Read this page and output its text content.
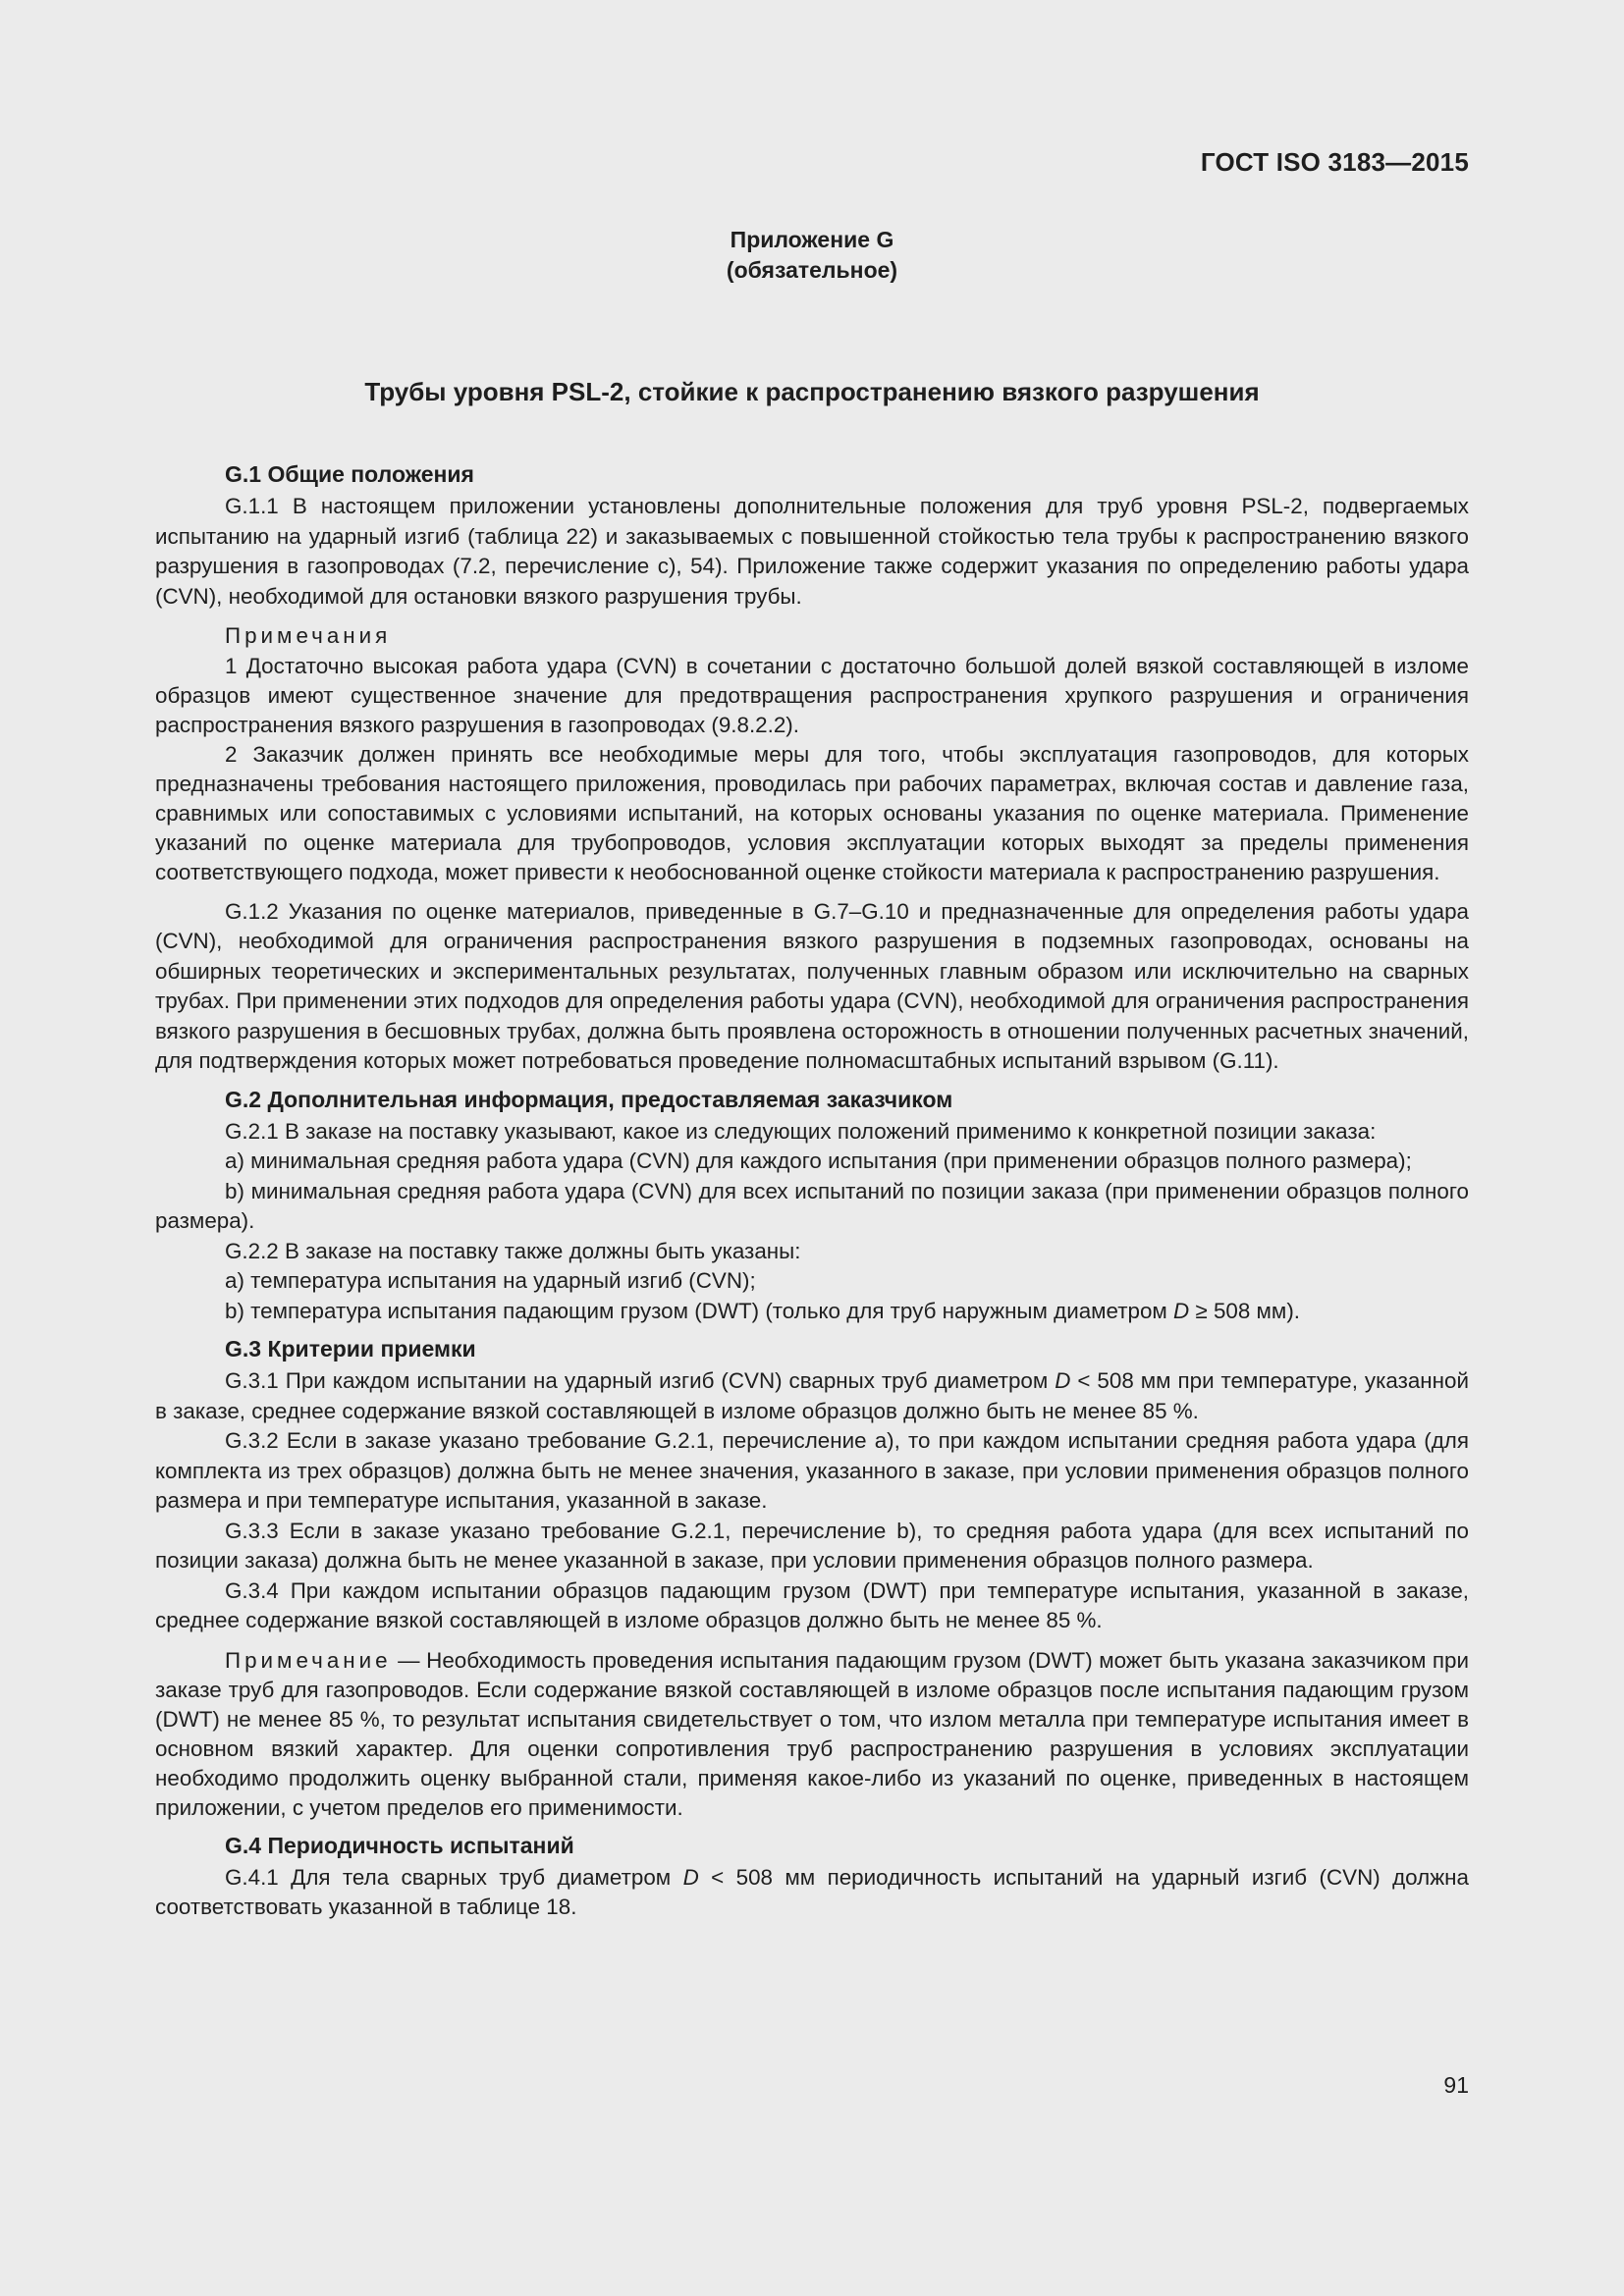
ГОСТ ISO 3183—2015
Приложение G
(обязательное)
Трубы уровня PSL-2, стойкие к распространению вязкого разрушения
G.1 Общие положения

G.1.1 В настоящем приложении установлены дополнительные положения для труб уровня PSL-2, подвергаемых испытанию на ударный изгиб (таблица 22) и заказываемых с повышенной стойкостью тела трубы к распространению вязкого разрушения в газопроводах (7.2, перечисление с), 54). Приложение также содержит указания по определению работы удара (CVN), необходимой для остановки вязкого разрушения трубы.

Примечания

1 Достаточно высокая работа удара (CVN) в сочетании с достаточно большой долей вязкой составляющей в изломе образцов имеют существенное значение для предотвращения распространения хрупкого разрушения и ограничения распространения вязкого разрушения в газопроводах (9.8.2.2).

2 Заказчик должен принять все необходимые меры для того, чтобы эксплуатация газопроводов, для которых предназначены требования настоящего приложения, проводилась при рабочих параметрах, включая состав и давление газа, сравнимых или сопоставимых с условиями испытаний, на которых основаны указания по оценке материала. Применение указаний по оценке материала для трубопроводов, условия эксплуатации которых выходят за пределы применения соответствующего подхода, может привести к необоснованной оценке стойкости материала к распространению разрушения.

G.1.2 Указания по оценке материалов, приведенные в G.7–G.10 и предназначенные для определения работы удара (CVN), необходимой для ограничения распространения вязкого разрушения в подземных газопроводах, основаны на обширных теоретических и экспериментальных результатах, полученных главным образом или исключительно на сварных трубах. При применении этих подходов для определения работы удара (CVN), необходимой для ограничения распространения вязкого разрушения в бесшовных трубах, должна быть проявлена осторожность в отношении полученных расчетных значений, для подтверждения которых может потребоваться проведение полномасштабных испытаний взрывом (G.11).

G.2 Дополнительная информация, предоставляемая заказчиком

G.2.1 В заказе на поставку указывают, какое из следующих положений применимо к конкретной позиции заказа:

a) минимальная средняя работа удара (CVN) для каждого испытания (при применении образцов полного размера);

b) минимальная средняя работа удара (CVN) для всех испытаний по позиции заказа (при применении образцов полного размера).

G.2.2 В заказе на поставку также должны быть указаны:

a) температура испытания на ударный изгиб (CVN);

b) температура испытания падающим грузом (DWT) (только для труб наружным диаметром D ≥ 508 мм).

G.3 Критерии приемки

G.3.1 При каждом испытании на ударный изгиб (CVN) сварных труб диаметром D < 508 мм при температуре, указанной в заказе, среднее содержание вязкой составляющей в изломе образцов должно быть не менее 85 %.

G.3.2 Если в заказе указано требование G.2.1, перечисление a), то при каждом испытании средняя работа удара (для комплекта из трех образцов) должна быть не менее значения, указанного в заказе, при условии применения образцов полного размера и при температуре испытания, указанной в заказе.

G.3.3 Если в заказе указано требование G.2.1, перечисление b), то средняя работа удара (для всех испытаний по позиции заказа) должна быть не менее указанной в заказе, при условии применения образцов полного размера.

G.3.4 При каждом испытании образцов падающим грузом (DWT) при температуре испытания, указанной в заказе, среднее содержание вязкой составляющей в изломе образцов должно быть не менее 85 %.

Примечание — Необходимость проведения испытания падающим грузом (DWT) может быть указана заказчиком при заказе труб для газопроводов. Если содержание вязкой составляющей в изломе образцов после испытания падающим грузом (DWT) не менее 85 %, то результат испытания свидетельствует о том, что излом металла при температуре испытания имеет в основном вязкий характер. Для оценки сопротивления труб распространению разрушения в условиях эксплуатации необходимо продолжить оценку выбранной стали, применяя какое-либо из указаний по оценке, приведенных в настоящем приложении, с учетом пределов его применимости.

G.4 Периодичность испытаний

G.4.1 Для тела сварных труб диаметром D < 508 мм периодичность испытаний на ударный изгиб (CVN) должна соответствовать указанной в таблице 18.

91
